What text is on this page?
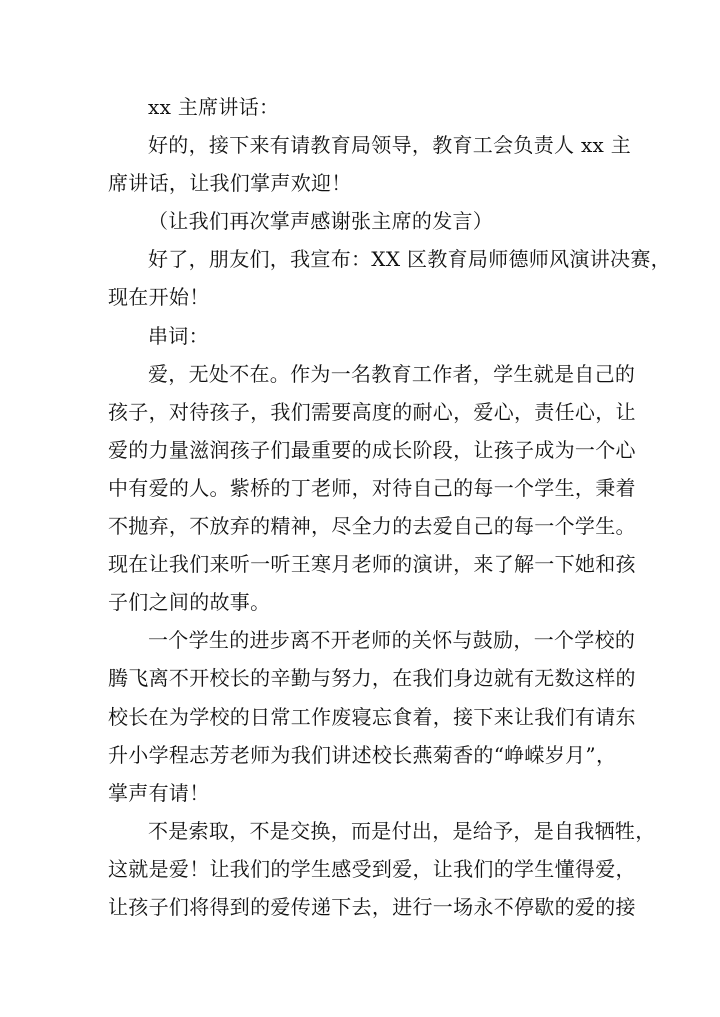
xx 主席讲话：
好的，接下来有请教育局领导，教育工会负责人 xx 主
席讲话，让我们掌声欢迎！
（让我们再次掌声感谢张主席的发言）
好了，朋友们，我宣布：XX 区教育局师德师风演讲决赛，
现在开始！
串词：
爱，无处不在。作为一名教育工作者，学生就是自己的
孩子，对待孩子，我们需要高度的耐心，爱心，责任心，让
爱的力量滋润孩子们最重要的成长阶段，让孩子成为一个心
中有爱的人。紫桥的丁老师，对待自己的每一个学生，秉着
不抛弃，不放弃的精神，尽全力的去爱自己的每一个学生。
现在让我们来听一听王寒月老师的演讲，来了解一下她和孩
子们之间的故事。
一个学生的进步离不开老师的关怀与鼓励，一个学校的
腾飞离不开校长的辛勤与努力，在我们身边就有无数这样的
校长在为学校的日常工作废寝忘食着，接下来让我们有请东
升小学程志芳老师为我们讲述校长燕菊香的“峥嵘岁月”，
掌声有请！
不是索取，不是交换，而是付出，是给予，是自我牺牲，
这就是爱！让我们的学生感受到爱，让我们的学生懂得爱，
让孩子们将得到的爱传递下去，进行一场永不停歇的爱的接
